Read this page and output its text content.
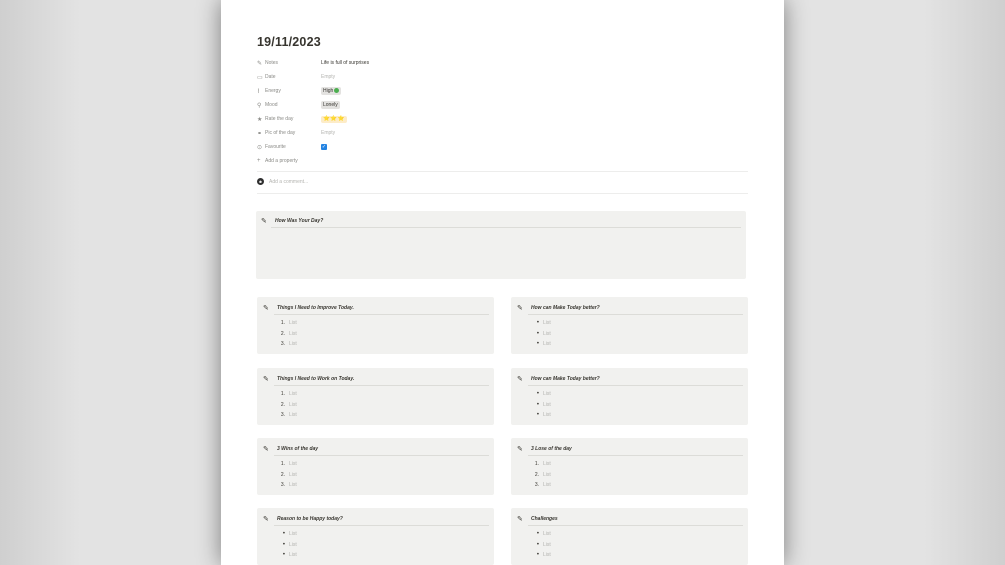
19/11/2023
✎ Notes	Life is full of surprises
▭ Date	Empty
⌇	Energy	High
⚲ Mood	Lonely
★ Rate the day	⭐⭐⭐
⚭ Pic of the day	Empty
⊙ Favourite	✓
+ Add a property
☻ Add a comment...
✎	How Was Your Day?
✎	Things I Need to Improve Today.
1. List
2. List
3. List
✎	How can Make Today better?
• List
• List
• List
✎	Things I Need to Work on Today.
1. List
2. List
3. List
✎	How can Make Today better?
• List
• List
• List
✎	3 Wins of the day
1. List
2. List
3. List
✎	3 Lose of the day
1. List
2. List
3. List
✎	Reason to be Happy today?
• List
• List
• List
✎	Challenges
• List
• List
• List
